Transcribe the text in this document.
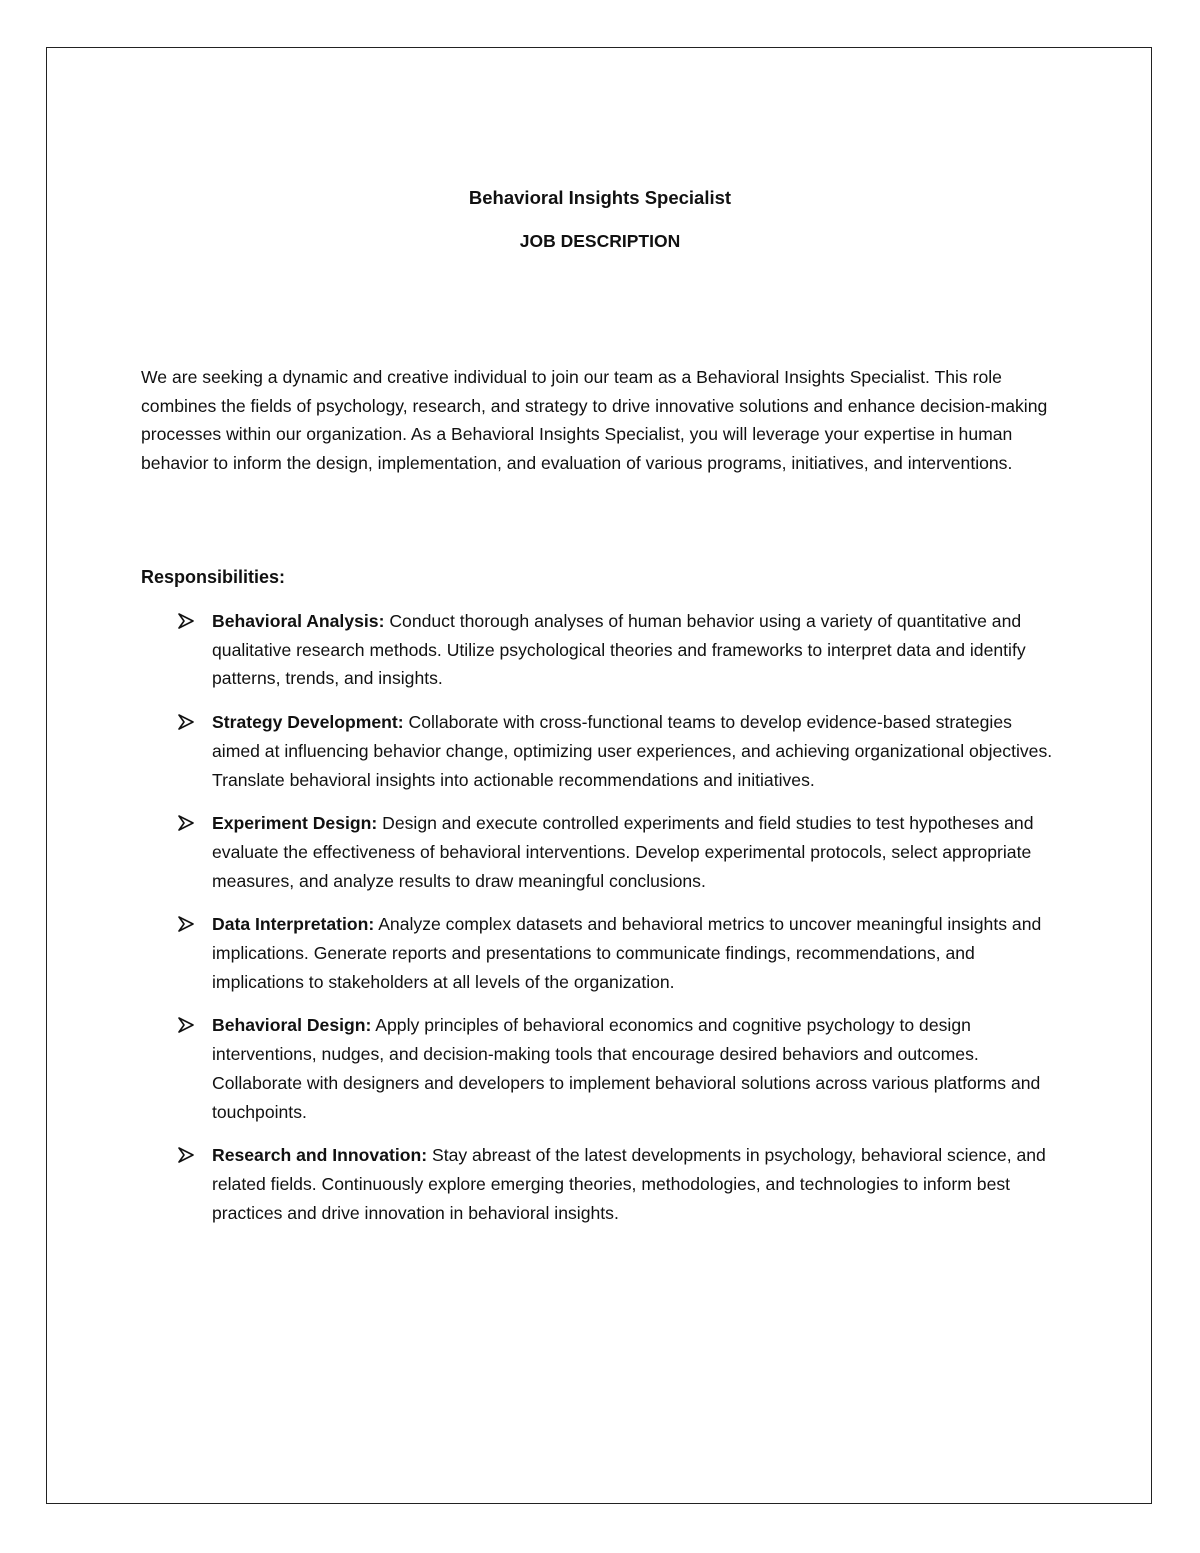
Behavioral Insights Specialist
JOB DESCRIPTION

We are seeking a dynamic and creative individual to join our team as a Behavioral Insights Specialist. This role combines the fields of psychology, research, and strategy to drive innovative solutions and enhance decision-making processes within our organization. As a Behavioral Insights Specialist, you will leverage your expertise in human behavior to inform the design, implementation, and evaluation of various programs, initiatives, and interventions.

Responsibilities:
Behavioral Analysis: Conduct thorough analyses of human behavior using a variety of quantitative and qualitative research methods. Utilize psychological theories and frameworks to interpret data and identify patterns, trends, and insights.
Strategy Development: Collaborate with cross-functional teams to develop evidence-based strategies aimed at influencing behavior change, optimizing user experiences, and achieving organizational objectives. Translate behavioral insights into actionable recommendations and initiatives.
Experiment Design: Design and execute controlled experiments and field studies to test hypotheses and evaluate the effectiveness of behavioral interventions. Develop experimental protocols, select appropriate measures, and analyze results to draw meaningful conclusions.
Data Interpretation: Analyze complex datasets and behavioral metrics to uncover meaningful insights and implications. Generate reports and presentations to communicate findings, recommendations, and implications to stakeholders at all levels of the organization.
Behavioral Design: Apply principles of behavioral economics and cognitive psychology to design interventions, nudges, and decision-making tools that encourage desired behaviors and outcomes. Collaborate with designers and developers to implement behavioral solutions across various platforms and touchpoints.
Research and Innovation: Stay abreast of the latest developments in psychology, behavioral science, and related fields. Continuously explore emerging theories, methodologies, and technologies to inform best practices and drive innovation in behavioral insights.
